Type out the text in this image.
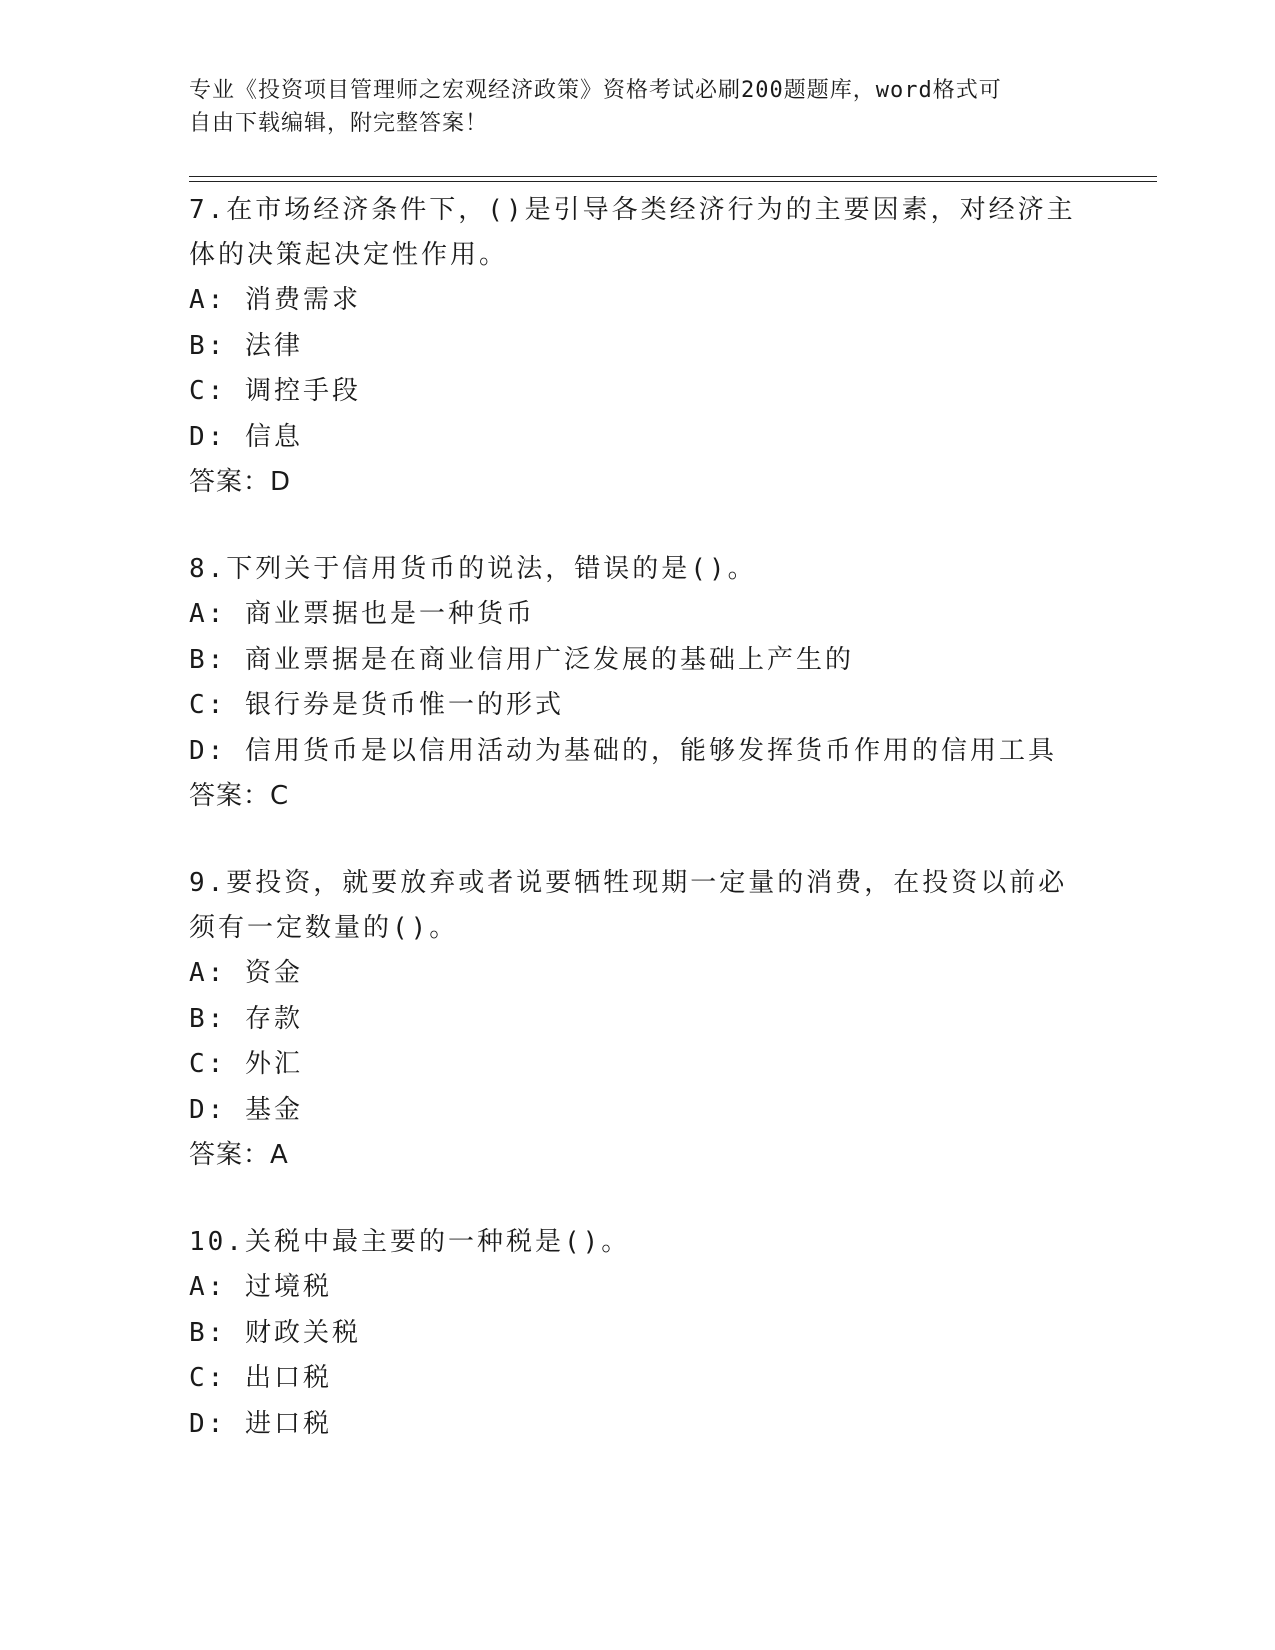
专业《投资项目管理师之宏观经济政策》资格考试必刷200题题库，word格式可
自由下载编辑，附完整答案！

7.在市场经济条件下，()是引导各类经济行为的主要因素，对经济主
体的决策起决定性作用。

A: 消费需求

B: 法律

C: 调控手段

D: 信息

答案：D

8.下列关于信用货币的说法，错误的是()。

A: 商业票据也是一种货币

B: 商业票据是在商业信用广泛发展的基础上产生的

C: 银行券是货币惟一的形式

D: 信用货币是以信用活动为基础的，能够发挥货币作用的信用工具

答案：C

9.要投资，就要放弃或者说要牺牲现期一定量的消费，在投资以前必
须有一定数量的()。

A: 资金

B: 存款

C: 外汇

D: 基金

答案：A

10.关税中最主要的一种税是()。

A: 过境税

B: 财政关税

C: 出口税

D: 进口税
